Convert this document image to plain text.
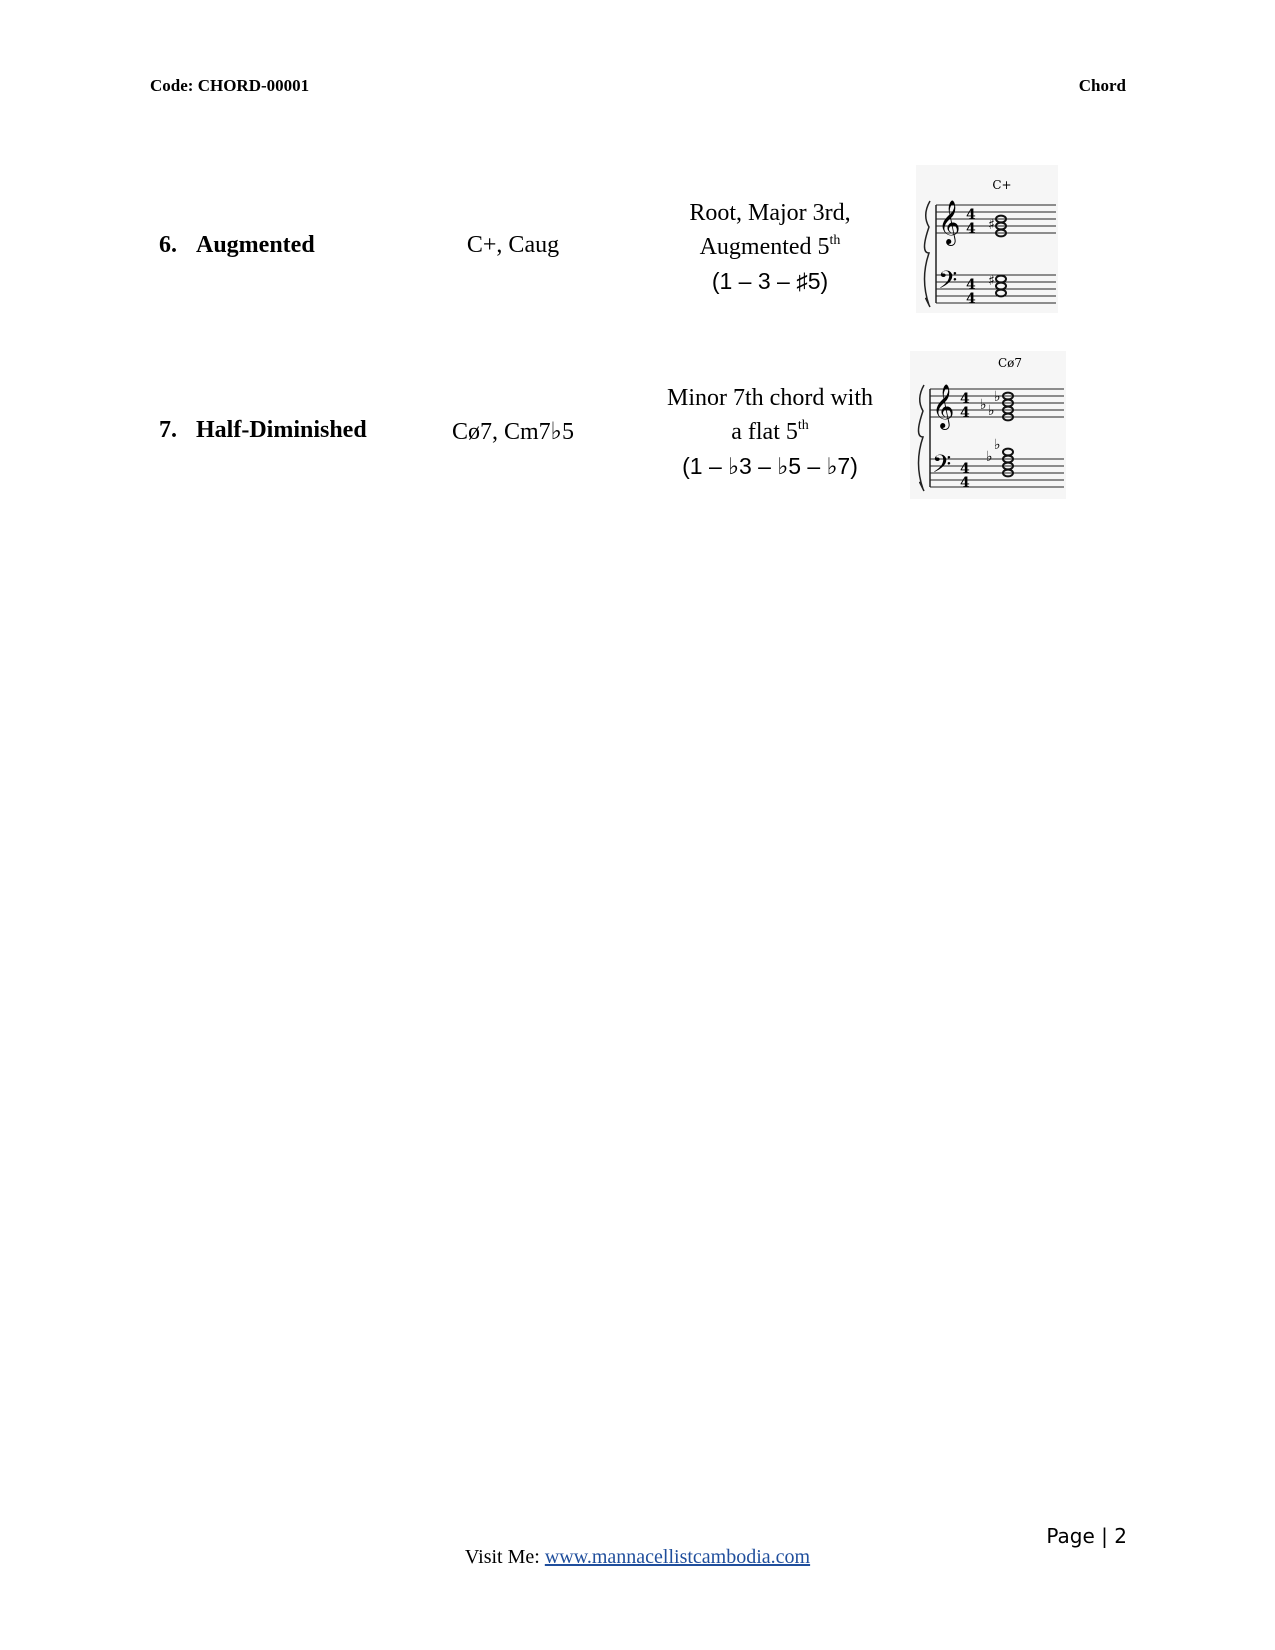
Code: CHORD-00001	Chord
6. Augmented	C+, Caug
Root, Major 3rd,
Augmented 5th
(1 – 3 – ♯5)
C+
𝄞 4
4 ♯
𝄢 4
4
♯
7. Half-Diminished	Cø7, Cm7♭5
Minor 7th chord with
a flat 5th
(1 – ♭3 – ♭5 – ♭7)
Cø7
𝄞 4
4 ♭ ♭
♭
𝄢 4
4
♭
♭
Page | 2
Visit Me: www.mannacellistcambodia.com
